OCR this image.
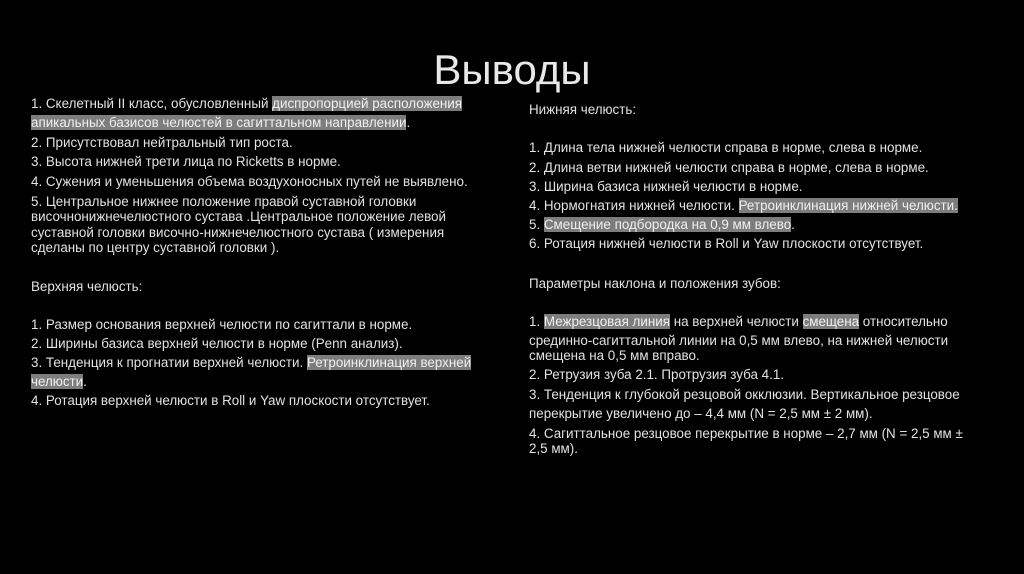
Выводы
1. Скелетный II класс, обусловленный диспропорцией расположения
апикальных базисов челюстей в сагиттальном направлении.
2. Присутствовал нейтральный тип роста.
3. Высота нижней трети лица по Ricketts в норме.
4. Сужения и уменьшения объема воздухоносных путей не выявлено.
5. Центральное нижнее положение правой суставной головки
височнонижнечелюстного сустава .Центральное положение левой
суставной головки височно-нижнечелюстного сустава ( измерения
сделаны по центру суставной головки ).
Верхняя челюсть:
1. Размер основания верхней челюсти по сагиттали в норме.
2. Ширины базиса верхней челюсти в норме (Penn анализ).
3. Тенденция к прогнатии верхней челюсти. Ретроинклинация верхней
челюсти.
4. Ротация верхней челюсти в Roll и Yaw плоскости отсутствует.
Нижняя челюсть:
1. Длина тела нижней челюсти справа в норме, слева в норме.
2. Длина ветви нижней челюсти справа в норме, слева в норме.
3. Ширина базиса нижней челюсти в норме.
4. Нормогнатия нижней челюсти. Ретроинклинация нижней челюсти.
5. Смещение подбородка на 0,9 мм влево.
6. Ротация нижней челюсти в Roll и Yaw плоскости отсутствует.
Параметры наклона и положения зубов:
1. Межрезцовая линия на верхней челюсти смещена относительно
срединно-сагиттальной линии на 0,5 мм влево, на нижней челюсти
смещена на 0,5 мм вправо.
2. Ретрузия зуба 2.1. Протрузия зуба 4.1.
3. Тенденция к глубокой резцовой окклюзии. Вертикальное резцовое
перекрытие увеличено до – 4,4 мм (N = 2,5 мм ± 2 мм).
4. Сагиттальное резцовое перекрытие в норме – 2,7 мм (N = 2,5 мм ±
2,5 мм).
